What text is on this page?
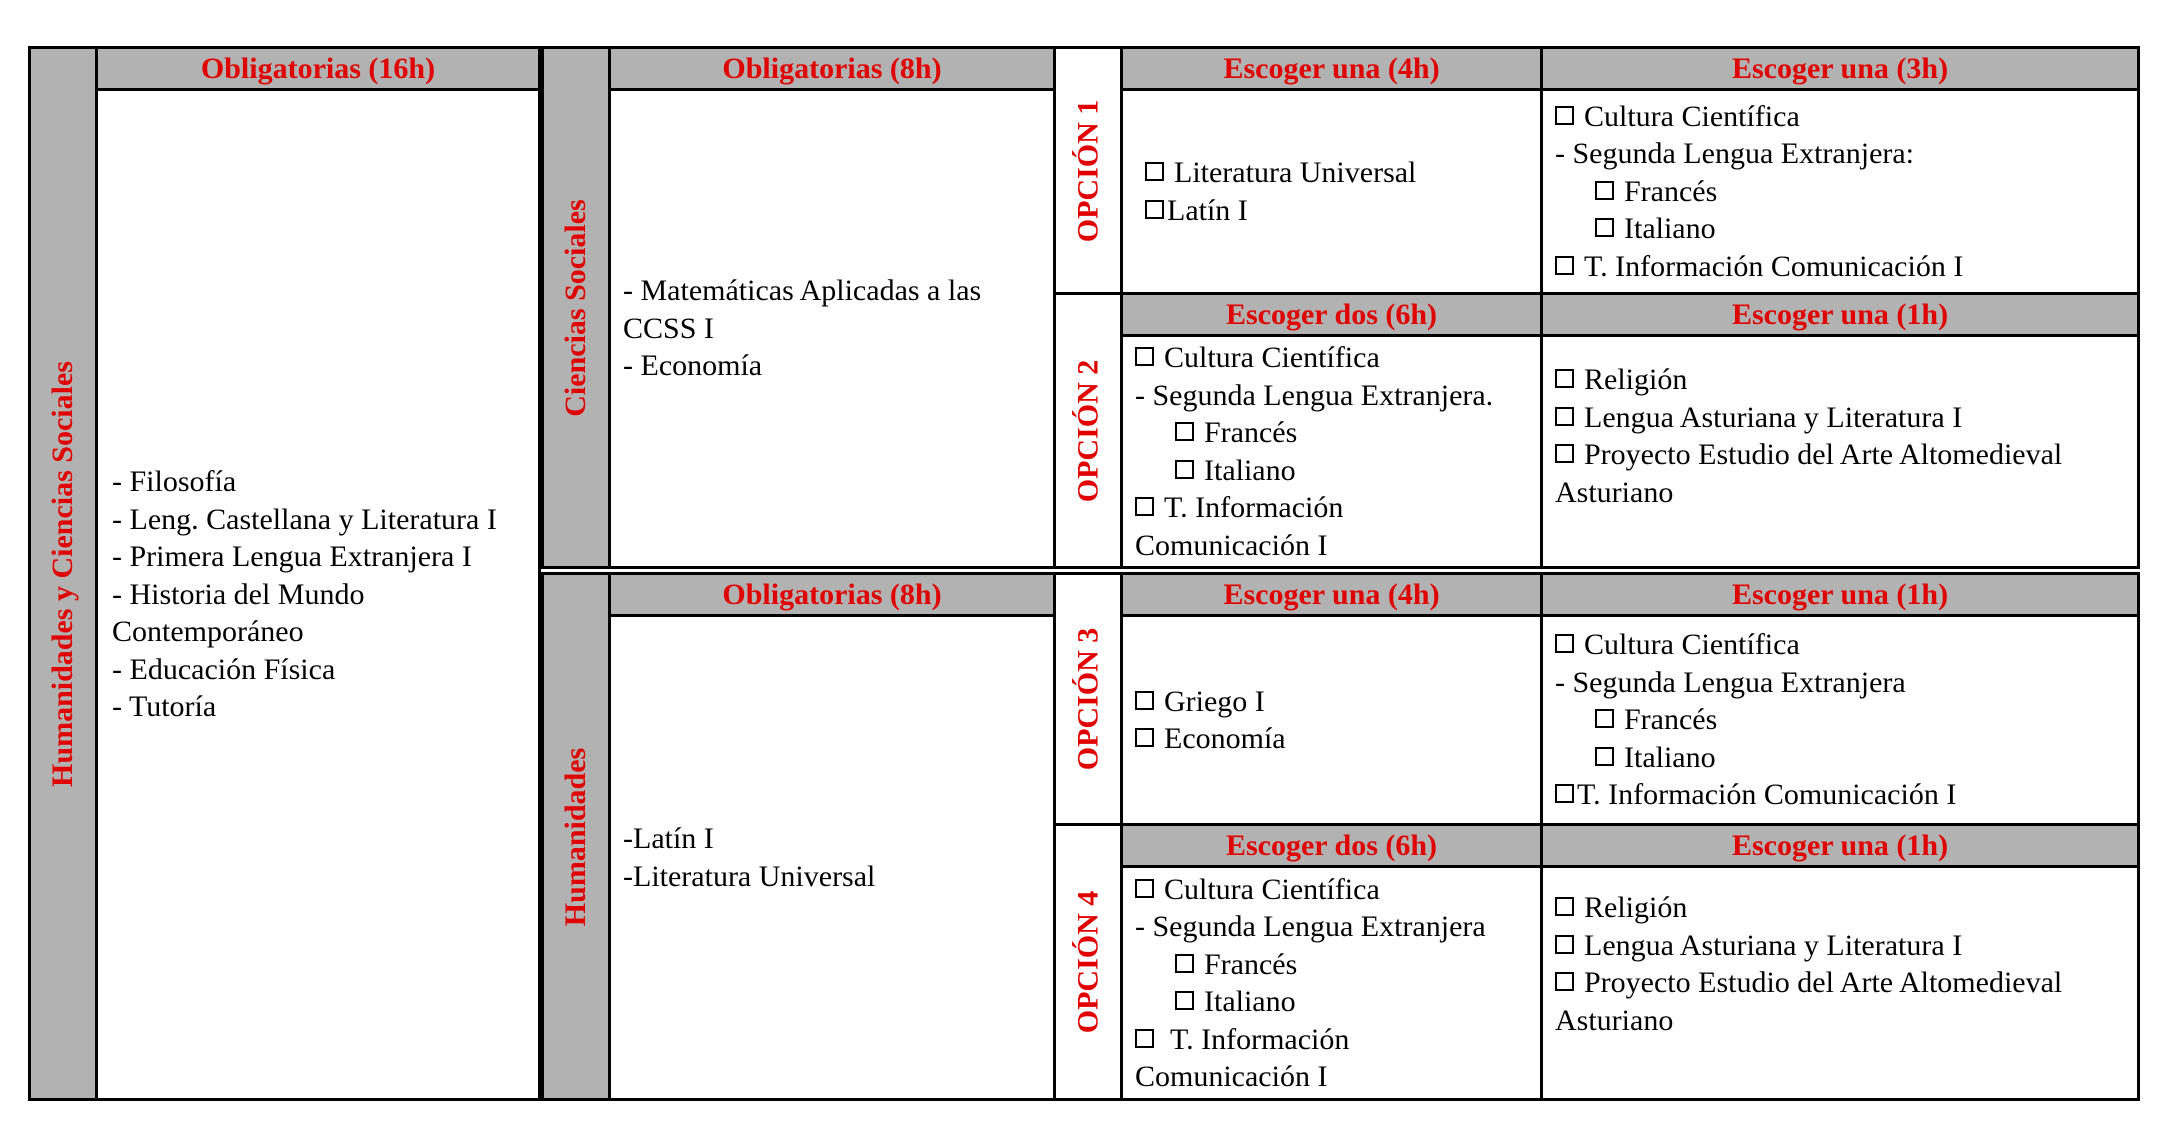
Humanidades y Ciencias Sociales
Obligatorias (16h)
- Filosofía
- Leng. Castellana y Literatura I
- Primera Lengua Extranjera I
- Historia del Mundo
Contemporáneo
- Educación Física
- Tutoría
Ciencias Sociales
Obligatorias (8h)
- Matemáticas Aplicadas a las
CCSS I
- Economía
OPCIÓN 1
Escoger una (4h)
Literatura Universal
Latín I
Escoger una (3h)
Cultura Científica
- Segunda Lengua Extranjera:
Francés
Italiano
T. Información Comunicación I
OPCIÓN 2
Escoger dos (6h)
Cultura Científica
- Segunda Lengua Extranjera.
Francés
Italiano
T. Información
Comunicación I
Escoger una (1h)
Religión
Lengua Asturiana y Literatura I
Proyecto Estudio del Arte Altomedieval
Asturiano
Humanidades
Obligatorias (8h)
-Latín I
-Literatura Universal
OPCIÓN 3
Escoger una (4h)
Griego I
Economía
Escoger una (1h)
Cultura Científica
- Segunda Lengua Extranjera
Francés
Italiano
T. Información Comunicación I
OPCIÓN 4
Escoger dos (6h)
Cultura Científica
- Segunda Lengua Extranjera
Francés
Italiano
T. Información
Comunicación I
Escoger una (1h)
Religión
Lengua Asturiana y Literatura I
Proyecto Estudio del Arte Altomedieval
Asturiano
